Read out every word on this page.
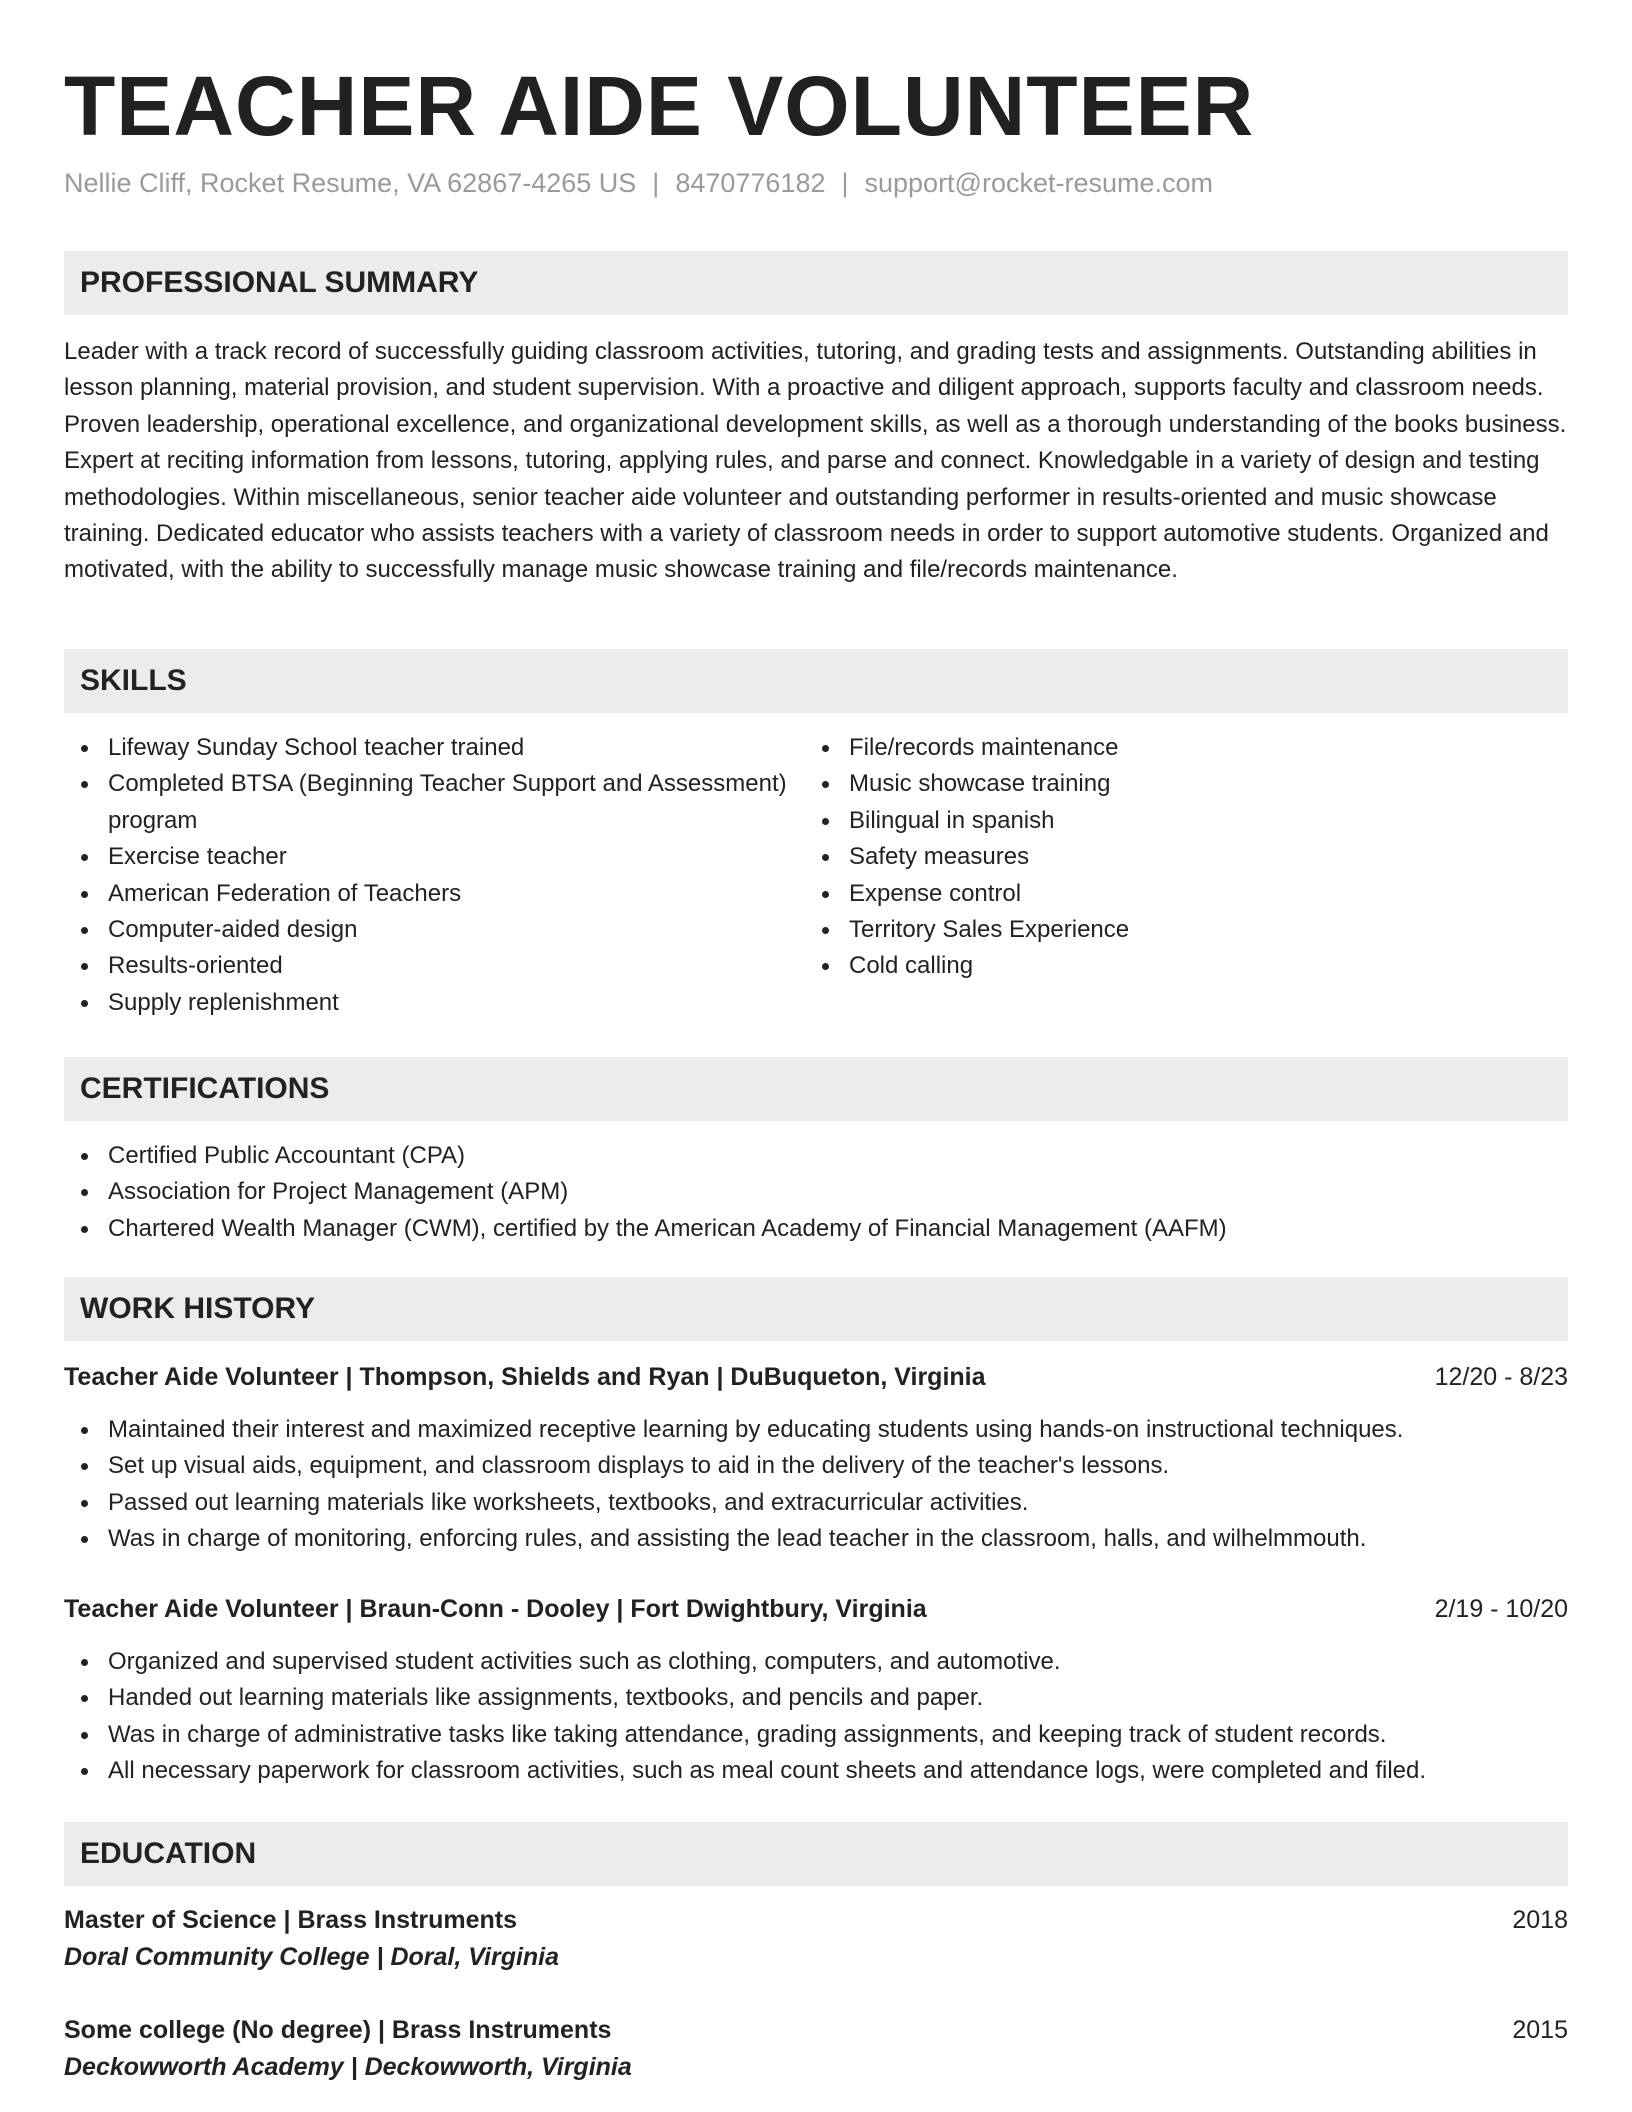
TEACHER AIDE VOLUNTEER
Nellie Cliff, Rocket Resume, VA 62867-4265 US | 8470776182 | support@rocket-resume.com
PROFESSIONAL SUMMARY

Leader with a track record of successfully guiding classroom activities, tutoring, and grading tests and assignments. Outstanding abilities in lesson planning, material provision, and student supervision. With a proactive and diligent approach, supports faculty and classroom needs. Proven leadership, operational excellence, and organizational development skills, as well as a thorough understanding of the books business. Expert at reciting information from lessons, tutoring, applying rules, and parse and connect. Knowledgable in a variety of design and testing methodologies. Within miscellaneous, senior teacher aide volunteer and outstanding performer in results-oriented and music showcase training. Dedicated educator who assists teachers with a variety of classroom needs in order to support automotive students. Organized and motivated, with the ability to successfully manage music showcase training and file/records maintenance.

SKILLS
Lifeway Sunday School teacher trained
Completed BTSA (Beginning Teacher Support and Assessment) program
Exercise teacher
American Federation of Teachers
Computer-aided design
Results-oriented
Supply replenishment
File/records maintenance
Music showcase training
Bilingual in spanish
Safety measures
Expense control
Territory Sales Experience
Cold calling
CERTIFICATIONS
Certified Public Accountant (CPA)
Association for Project Management (APM)
Chartered Wealth Manager (CWM), certified by the American Academy of Financial Management (AAFM)
WORK HISTORY
Teacher Aide Volunteer | Thompson, Shields and Ryan | DuBuqueton, Virginia	12/20 - 8/23
Maintained their interest and maximized receptive learning by educating students using hands-on instructional techniques.
Set up visual aids, equipment, and classroom displays to aid in the delivery of the teacher's lessons.
Passed out learning materials like worksheets, textbooks, and extracurricular activities.
Was in charge of monitoring, enforcing rules, and assisting the lead teacher in the classroom, halls, and wilhelmmouth.
Teacher Aide Volunteer | Braun-Conn - Dooley | Fort Dwightbury, Virginia	2/19 - 10/20
Organized and supervised student activities such as clothing, computers, and automotive.
Handed out learning materials like assignments, textbooks, and pencils and paper.
Was in charge of administrative tasks like taking attendance, grading assignments, and keeping track of student records.
All necessary paperwork for classroom activities, such as meal count sheets and attendance logs, were completed and filed.
EDUCATION
Master of Science | Brass Instruments	2018
Doral Community College | Doral, Virginia
Some college (No degree) | Brass Instruments	2015
Deckowworth Academy | Deckowworth, Virginia
